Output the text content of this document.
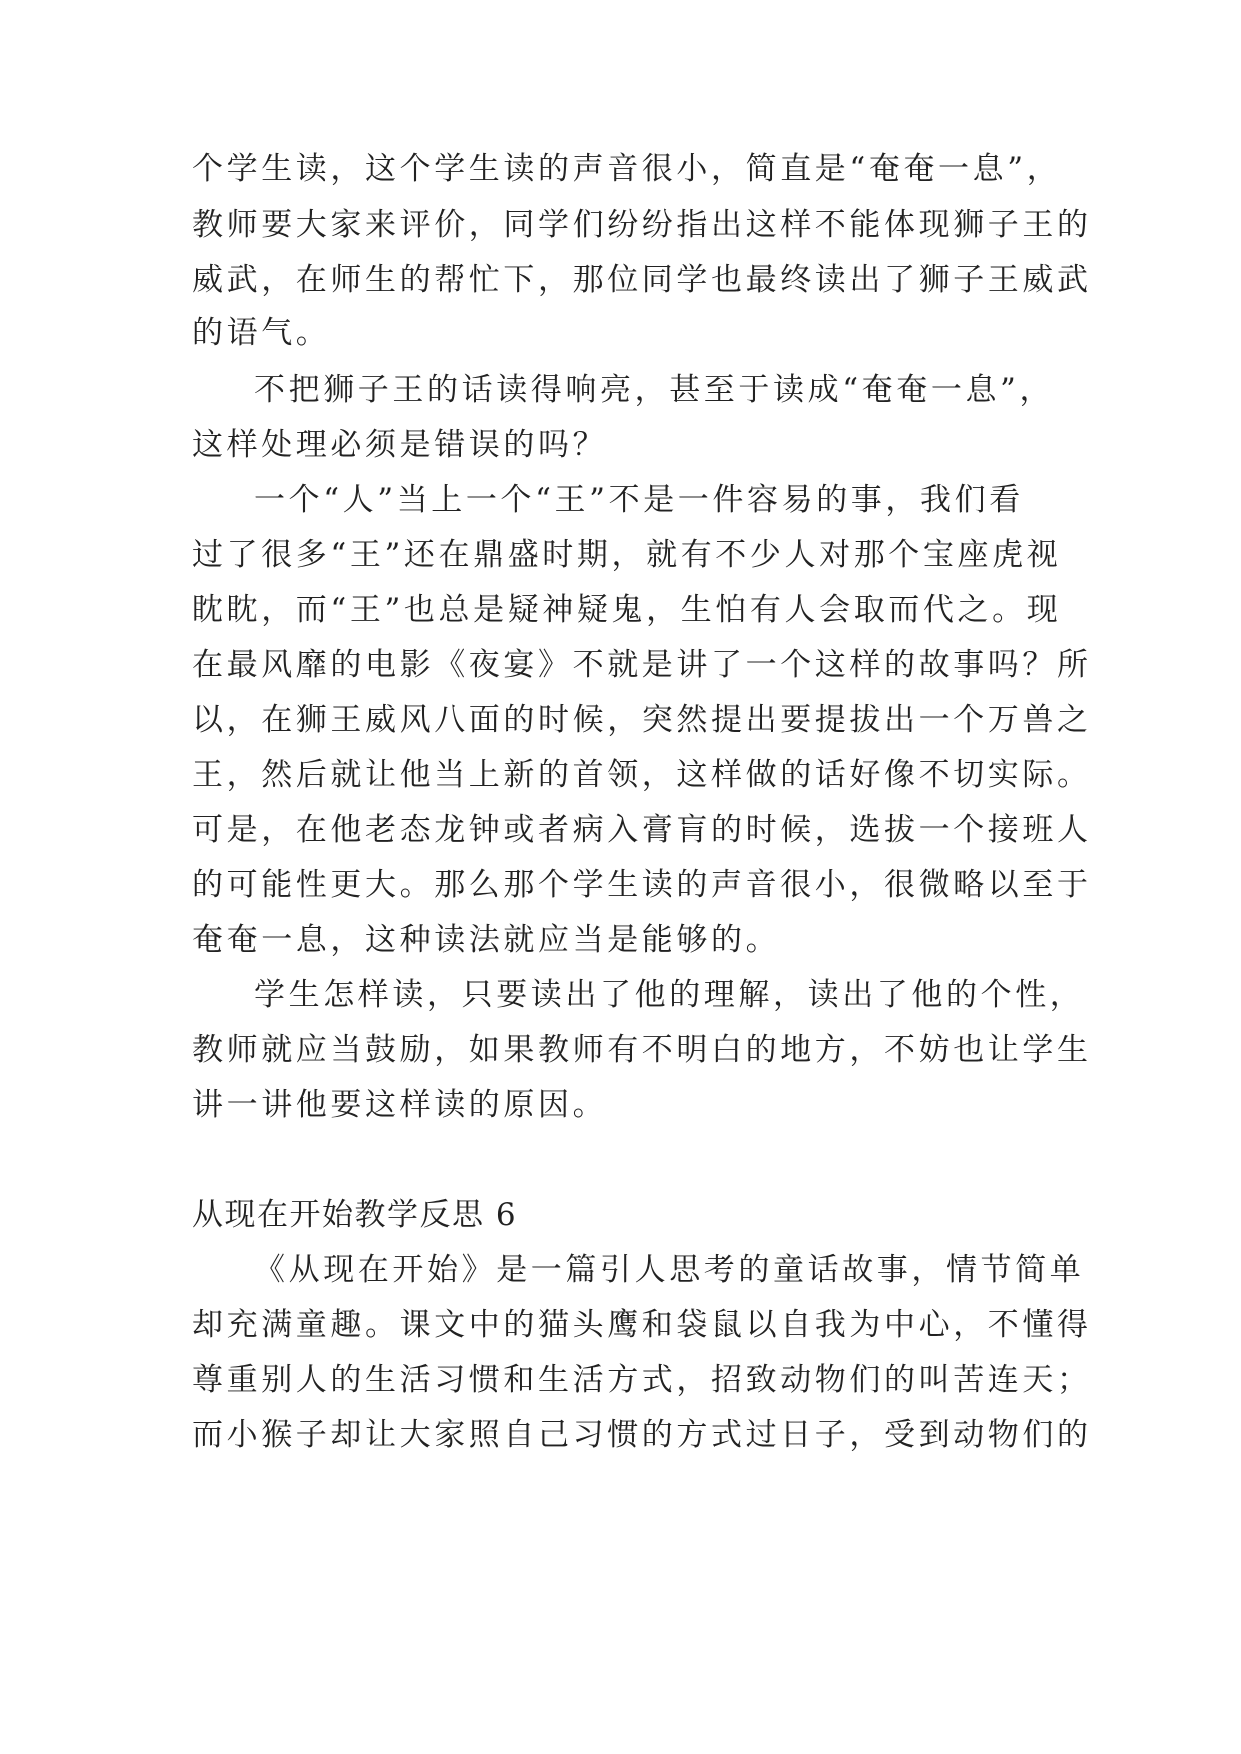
个学生读，这个学生读的声音很小，简直是“奄奄一息”，
教师要大家来评价，同学们纷纷指出这样不能体现狮子王的
威武，在师生的帮忙下，那位同学也最终读出了狮子王威武
的语气。
不把狮子王的话读得响亮，甚至于读成“奄奄一息”，
这样处理必须是错误的吗？
一个“人”当上一个“王”不是一件容易的事，我们看
过了很多“王”还在鼎盛时期，就有不少人对那个宝座虎视
眈眈，而“王”也总是疑神疑鬼，生怕有人会取而代之。现
在最风靡的电影《夜宴》不就是讲了一个这样的故事吗？所
以，在狮王威风八面的时候，突然提出要提拔出一个万兽之
王，然后就让他当上新的首领，这样做的话好像不切实际。
可是，在他老态龙钟或者病入膏肓的时候，选拔一个接班人
的可能性更大。那么那个学生读的声音很小，很微略以至于
奄奄一息，这种读法就应当是能够的。
学生怎样读，只要读出了他的理解，读出了他的个性，
教师就应当鼓励，如果教师有不明白的地方，不妨也让学生
讲一讲他要这样读的原因。
从现在开始教学反思 6
《从现在开始》是一篇引人思考的童话故事，情节简单
却充满童趣。课文中的猫头鹰和袋鼠以自我为中心，不懂得
尊重别人的生活习惯和生活方式，招致动物们的叫苦连天；
而小猴子却让大家照自己习惯的方式过日子，受到动物们的
